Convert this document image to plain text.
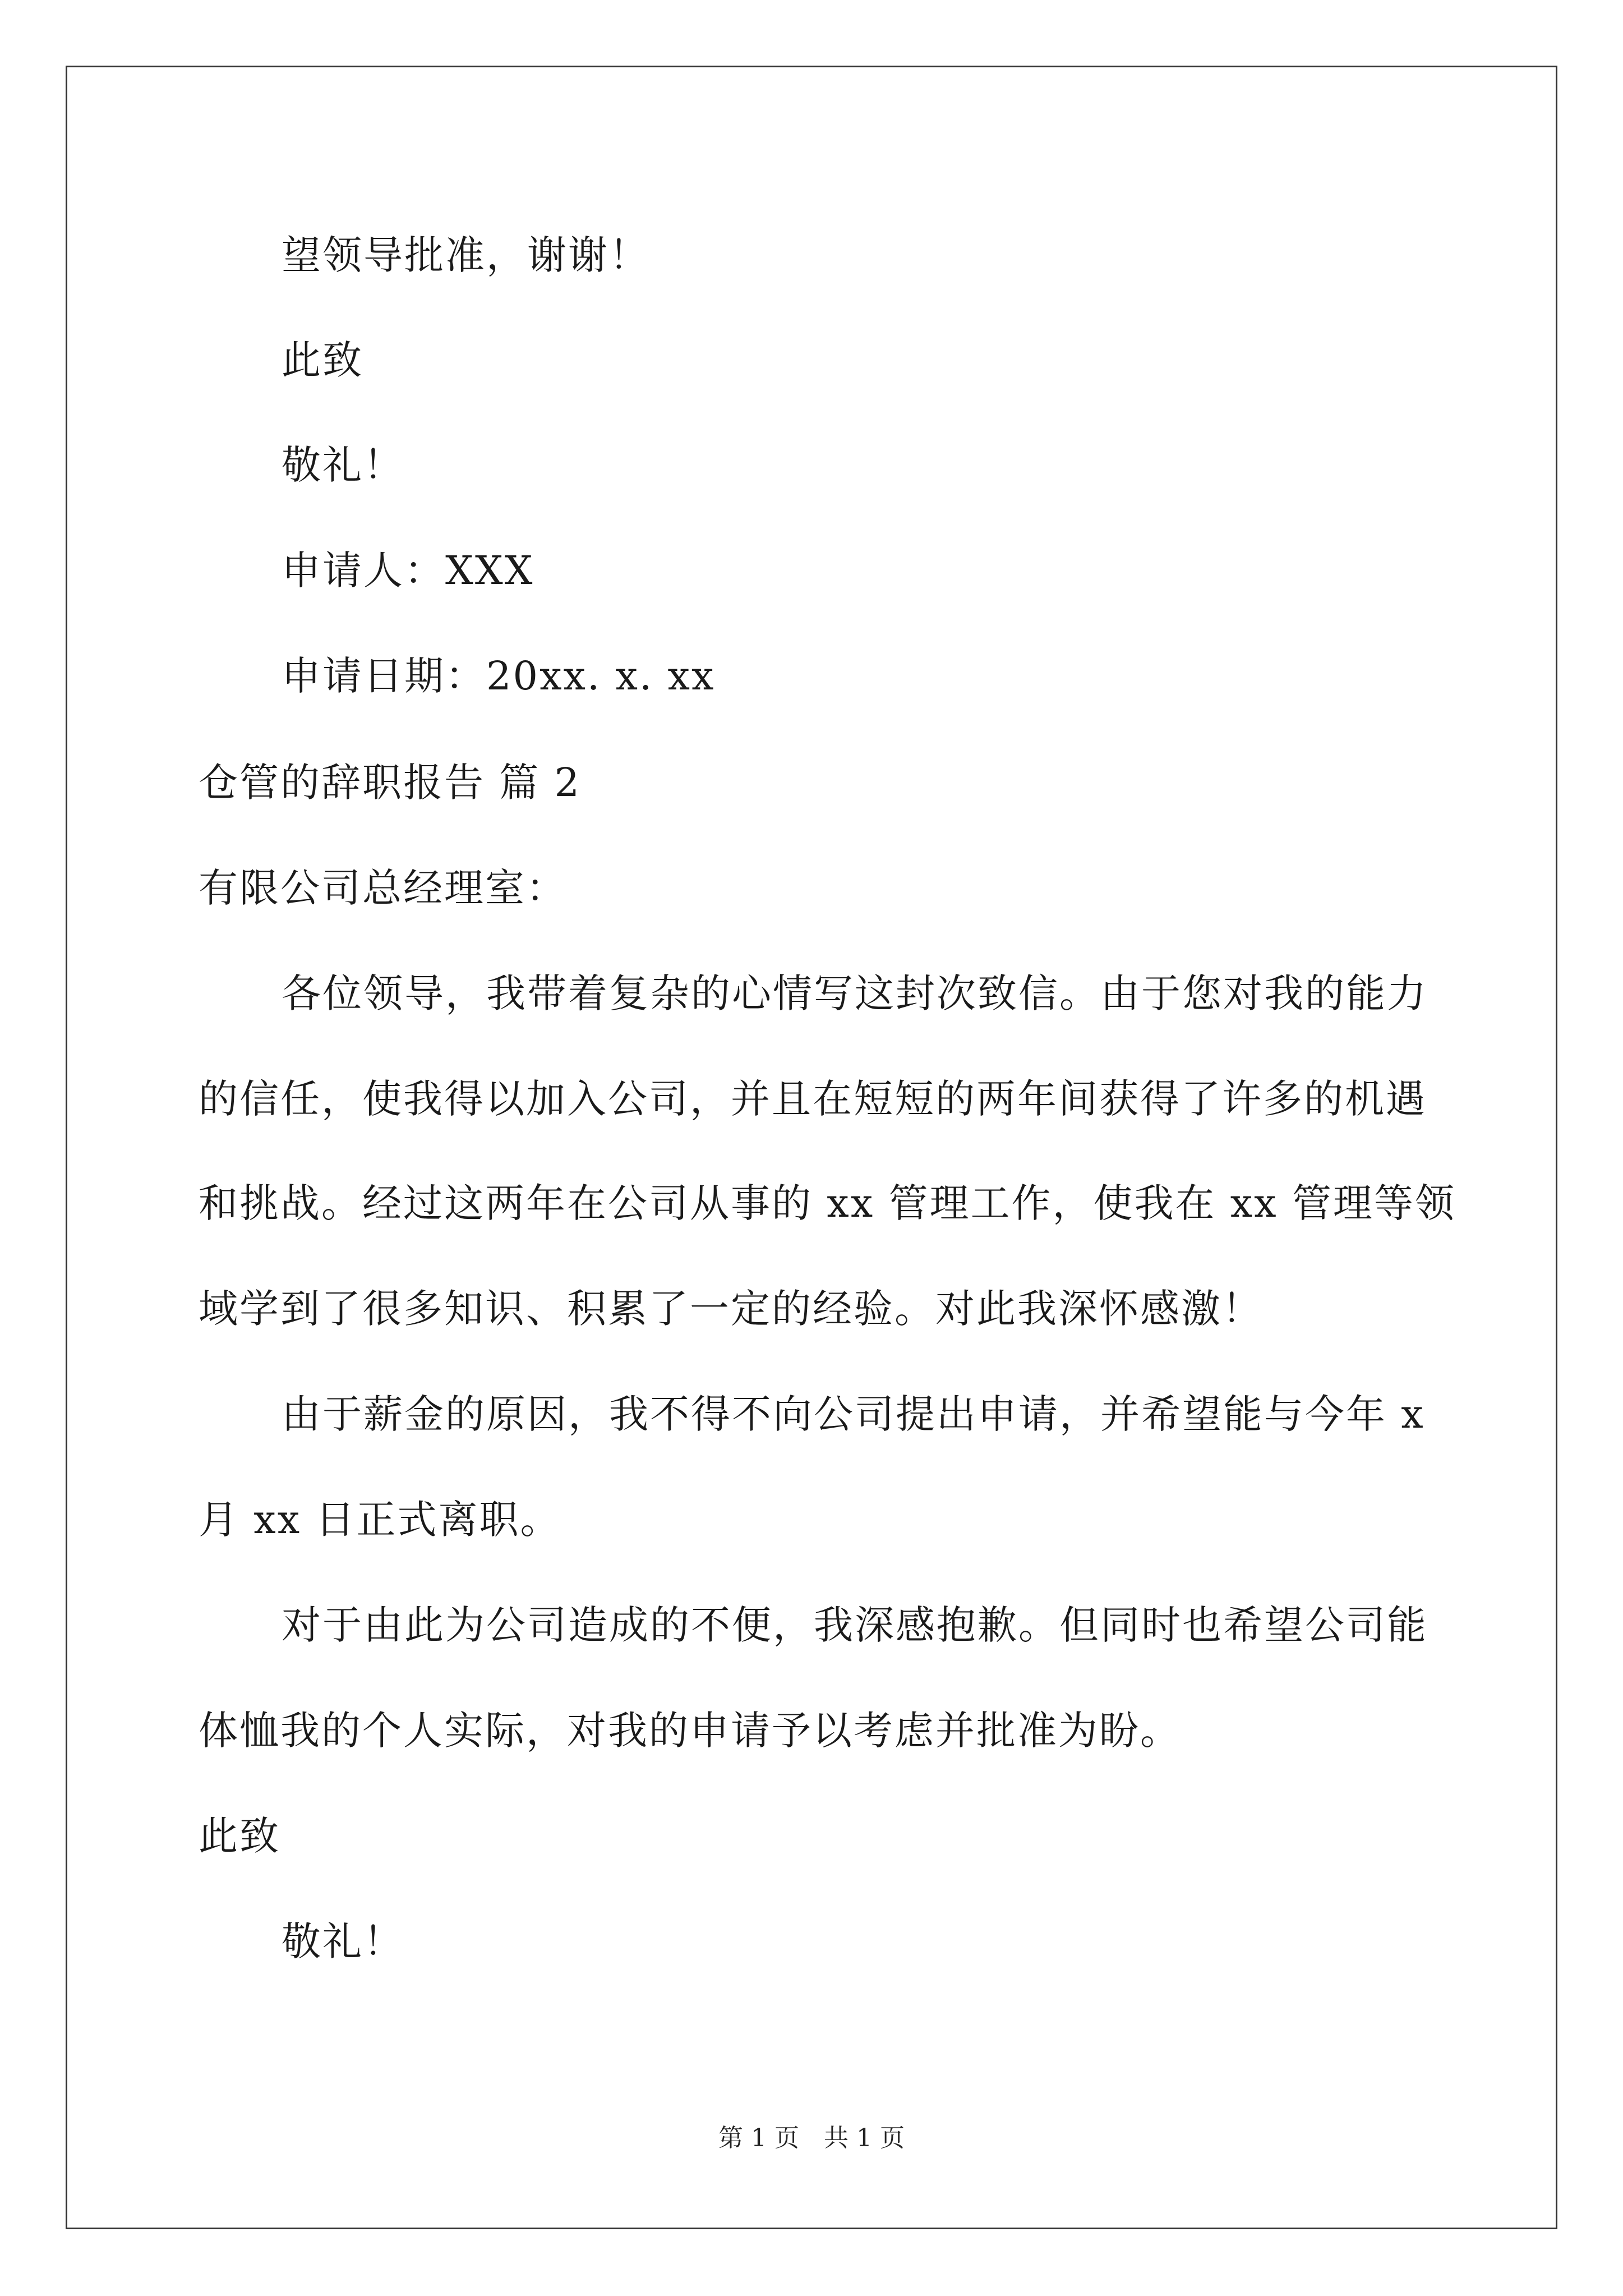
望领导批准，谢谢！
此致
敬礼！
申请人：XXX
申请日期：20xx. x. xx
仓管的辞职报告 篇 2
有限公司总经理室：
各位领导，我带着复杂的心情写这封次致信。由于您对我的能力
的信任，使我得以加入公司，并且在短短的两年间获得了许多的机遇
和挑战。经过这两年在公司从事的 xx 管理工作，使我在 xx 管理等领
域学到了很多知识、积累了一定的经验。对此我深怀感激！
由于薪金的原因，我不得不向公司提出申请，并希望能与今年 x
月 xx 日正式离职。
对于由此为公司造成的不便，我深感抱歉。但同时也希望公司能
体恤我的个人实际，对我的申请予以考虑并批准为盼。
此致
敬礼！
第 1 页　共 1 页
